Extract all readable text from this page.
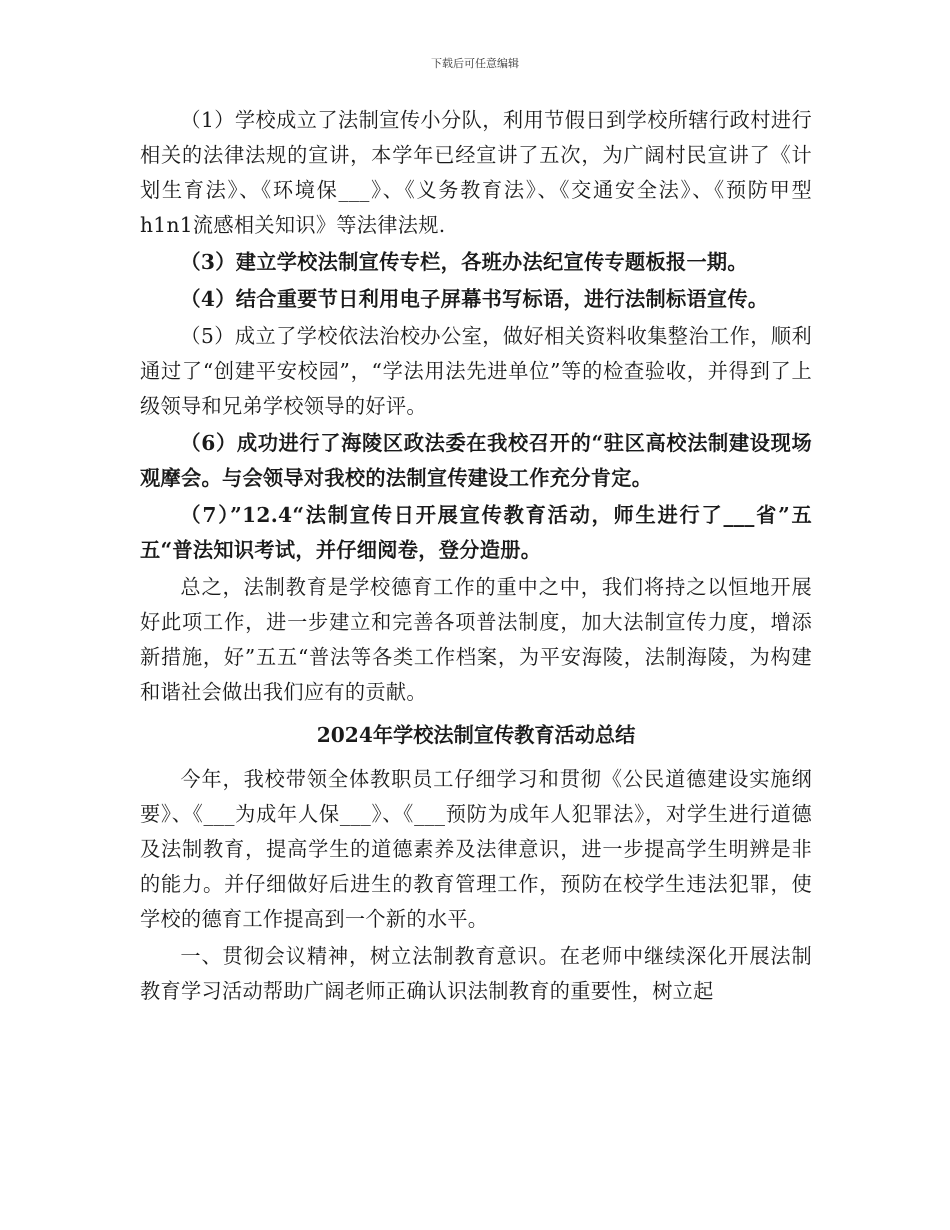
下载后可任意编辑

（1）学校成立了法制宣传小分队，利用节假日到学校所辖行政村进行相关的法律法规的宣讲，本学年已经宣讲了五次，为广阔村民宣讲了《计划生育法》、《环境保___》、《义务教育法》、《交通安全法》、《预防甲型h1n1流感相关知识》等法律法规.

（3）建立学校法制宣传专栏，各班办法纪宣传专题板报一期。

（4）结合重要节日利用电子屏幕书写标语，进行法制标语宣传。

（5）成立了学校依法治校办公室，做好相关资料收集整治工作，顺利通过了“创建平安校园”，“学法用法先进单位”等的检查验收，并得到了上级领导和兄弟学校领导的好评。

（6）成功进行了海陵区政法委在我校召开的“驻区高校法制建设现场观摩会。与会领导对我校的法制宣传建设工作充分肯定。

（7）”12.4“法制宣传日开展宣传教育活动，师生进行了___省”五五“普法知识考试，并仔细阅卷，登分造册。

总之，法制教育是学校德育工作的重中之中，我们将持之以恒地开展好此项工作，进一步建立和完善各项普法制度，加大法制宣传力度，增添新措施，好”五五“普法等各类工作档案，为平安海陵，法制海陵，为构建和谐社会做出我们应有的贡献。

2024年学校法制宣传教育活动总结

今年，我校带领全体教职员工仔细学习和贯彻《公民道德建设实施纲要》、《___为成年人保___》、《___预防为成年人犯罪法》，对学生进行道德及法制教育，提高学生的道德素养及法律意识，进一步提高学生明辨是非的能力。并仔细做好后进生的教育管理工作，预防在校学生违法犯罪，使学校的德育工作提高到一个新的水平。

一、贯彻会议精神，树立法制教育意识。在老师中继续深化开展法制教育学习活动帮助广阔老师正确认识法制教育的重要性，树立起
